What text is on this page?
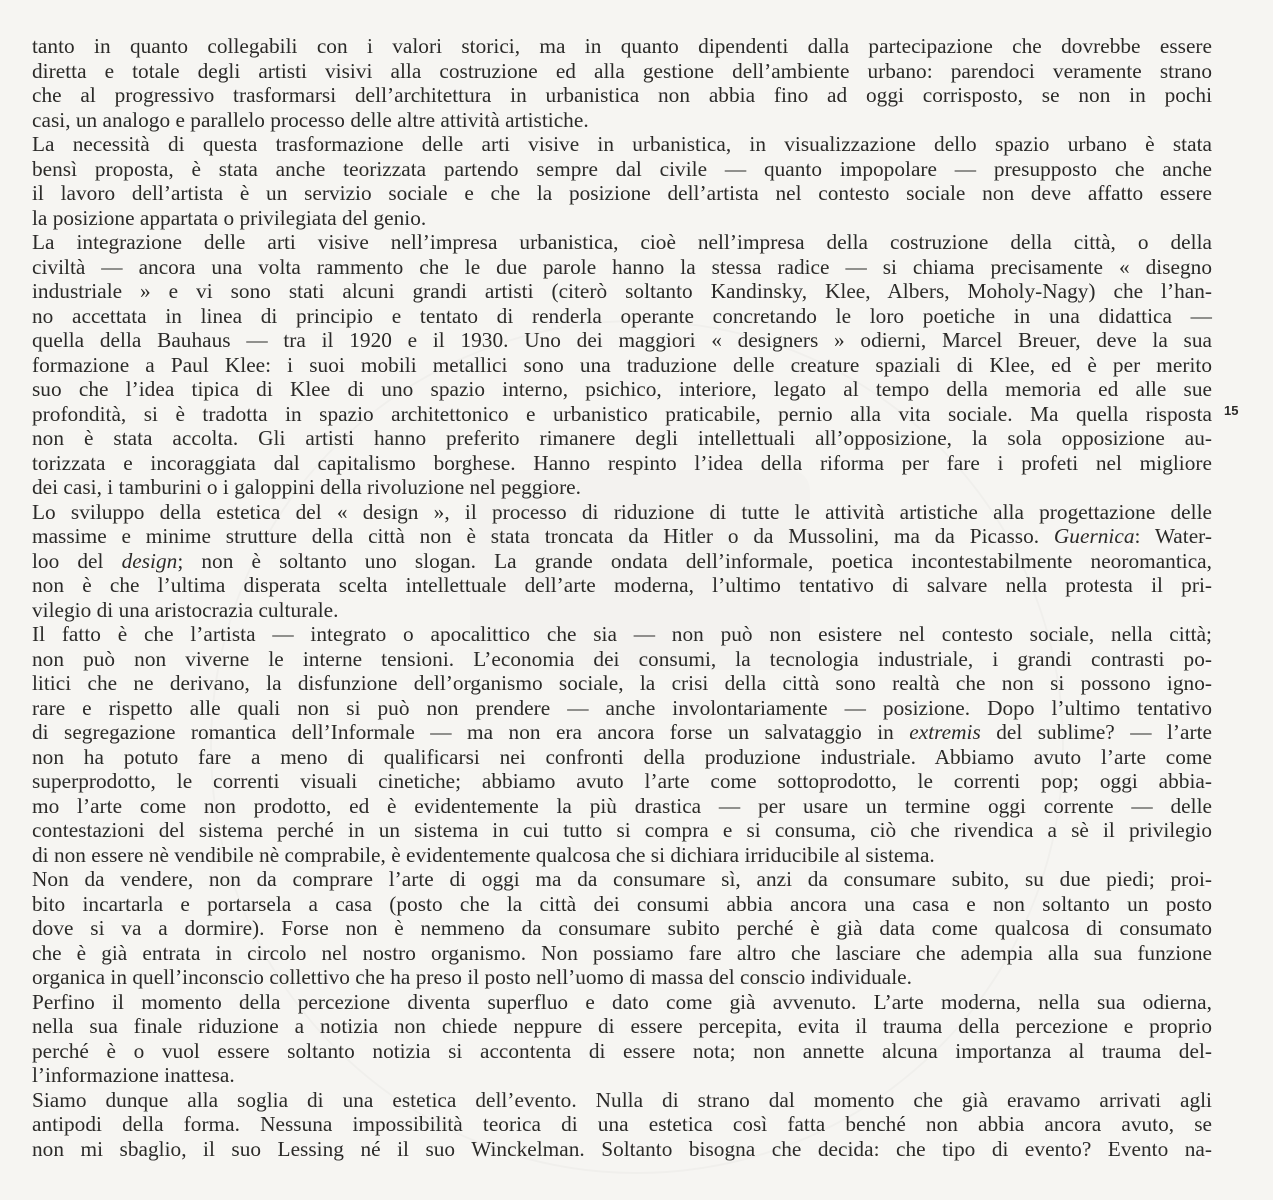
tanto in quanto collegabili con i valori storici, ma in quanto dipendenti dalla partecipazione che dovrebbe essere
diretta e totale degli artisti visivi alla costruzione ed alla gestione dell’ambiente urbano: parendoci veramente strano
che al progressivo trasformarsi dell’architettura in urbanistica non abbia fino ad oggi corrisposto, se non in pochi
casi, un analogo e parallelo processo delle altre attività artistiche.
La necessità di questa trasformazione delle arti visive in urbanistica, in visualizzazione dello spazio urbano è stata
bensì proposta, è stata anche teorizzata partendo sempre dal civile — quanto impopolare — presupposto che anche
il lavoro dell’artista è un servizio sociale e che la posizione dell’artista nel contesto sociale non deve affatto essere
la posizione appartata o privilegiata del genio.
La integrazione delle arti visive nell’impresa urbanistica, cioè nell’impresa della costruzione della città, o della
civiltà — ancora una volta rammento che le due parole hanno la stessa radice — si chiama precisamente « disegno
industriale » e vi sono stati alcuni grandi artisti (citerò soltanto Kandinsky, Klee, Albers, Moholy-Nagy) che l’han-
no accettata in linea di principio e tentato di renderla operante concretando le loro poetiche in una didattica —
quella della Bauhaus — tra il 1920 e il 1930. Uno dei maggiori « designers » odierni, Marcel Breuer, deve la sua
formazione a Paul Klee: i suoi mobili metallici sono una traduzione delle creature spaziali di Klee, ed è per merito
suo che l’idea tipica di Klee di uno spazio interno, psichico, interiore, legato al tempo della memoria ed alle sue
profondità, si è tradotta in spazio architettonico e urbanistico praticabile, pernio alla vita sociale. Ma quella risposta
non è stata accolta. Gli artisti hanno preferito rimanere degli intellettuali all’opposizione, la sola opposizione au-
torizzata e incoraggiata dal capitalismo borghese. Hanno respinto l’idea della riforma per fare i profeti nel migliore
dei casi, i tamburini o i galoppini della rivoluzione nel peggiore.
Lo sviluppo della estetica del « design », il processo di riduzione di tutte le attività artistiche alla progettazione delle
massime e minime strutture della città non è stata troncata da Hitler o da Mussolini, ma da Picasso. Guernica: Water-
loo del design; non è soltanto uno slogan. La grande ondata dell’informale, poetica incontestabilmente neoromantica,
non è che l’ultima disperata scelta intellettuale dell’arte moderna, l’ultimo tentativo di salvare nella protesta il pri-
vilegio di una aristocrazia culturale.
Il fatto è che l’artista — integrato o apocalittico che sia — non può non esistere nel contesto sociale, nella città;
non può non viverne le interne tensioni. L’economia dei consumi, la tecnologia industriale, i grandi contrasti po-
litici che ne derivano, la disfunzione dell’organismo sociale, la crisi della città sono realtà che non si possono igno-
rare e rispetto alle quali non si può non prendere — anche involontariamente — posizione. Dopo l’ultimo tentativo
di segregazione romantica dell’Informale — ma non era ancora forse un salvataggio in extremis del sublime? — l’arte
non ha potuto fare a meno di qualificarsi nei confronti della produzione industriale. Abbiamo avuto l’arte come
superprodotto, le correnti visuali cinetiche; abbiamo avuto l’arte come sottoprodotto, le correnti pop; oggi abbia-
mo l’arte come non prodotto, ed è evidentemente la più drastica — per usare un termine oggi corrente — delle
contestazioni del sistema perché in un sistema in cui tutto si compra e si consuma, ciò che rivendica a sè il privilegio
di non essere nè vendibile nè comprabile, è evidentemente qualcosa che si dichiara irriducibile al sistema.
Non da vendere, non da comprare l’arte di oggi ma da consumare sì, anzi da consumare subito, su due piedi; proi-
bito incartarla e portarsela a casa (posto che la città dei consumi abbia ancora una casa e non soltanto un posto
dove si va a dormire). Forse non è nemmeno da consumare subito perché è già data come qualcosa di consumato
che è già entrata in circolo nel nostro organismo. Non possiamo fare altro che lasciare che adempia alla sua funzione
organica in quell’inconscio collettivo che ha preso il posto nell’uomo di massa del conscio individuale.
Perfino il momento della percezione diventa superfluo e dato come già avvenuto. L’arte moderna, nella sua odierna,
nella sua finale riduzione a notizia non chiede neppure di essere percepita, evita il trauma della percezione e proprio
perché è o vuol essere soltanto notizia si accontenta di essere nota; non annette alcuna importanza al trauma del-
l’informazione inattesa.
Siamo dunque alla soglia di una estetica dell’evento. Nulla di strano dal momento che già eravamo arrivati agli
antipodi della forma. Nessuna impossibilità teorica di una estetica così fatta benché non abbia ancora avuto, se
non mi sbaglio, il suo Lessing né il suo Winckelman. Soltanto bisogna che decida: che tipo di evento? Evento na-
15
